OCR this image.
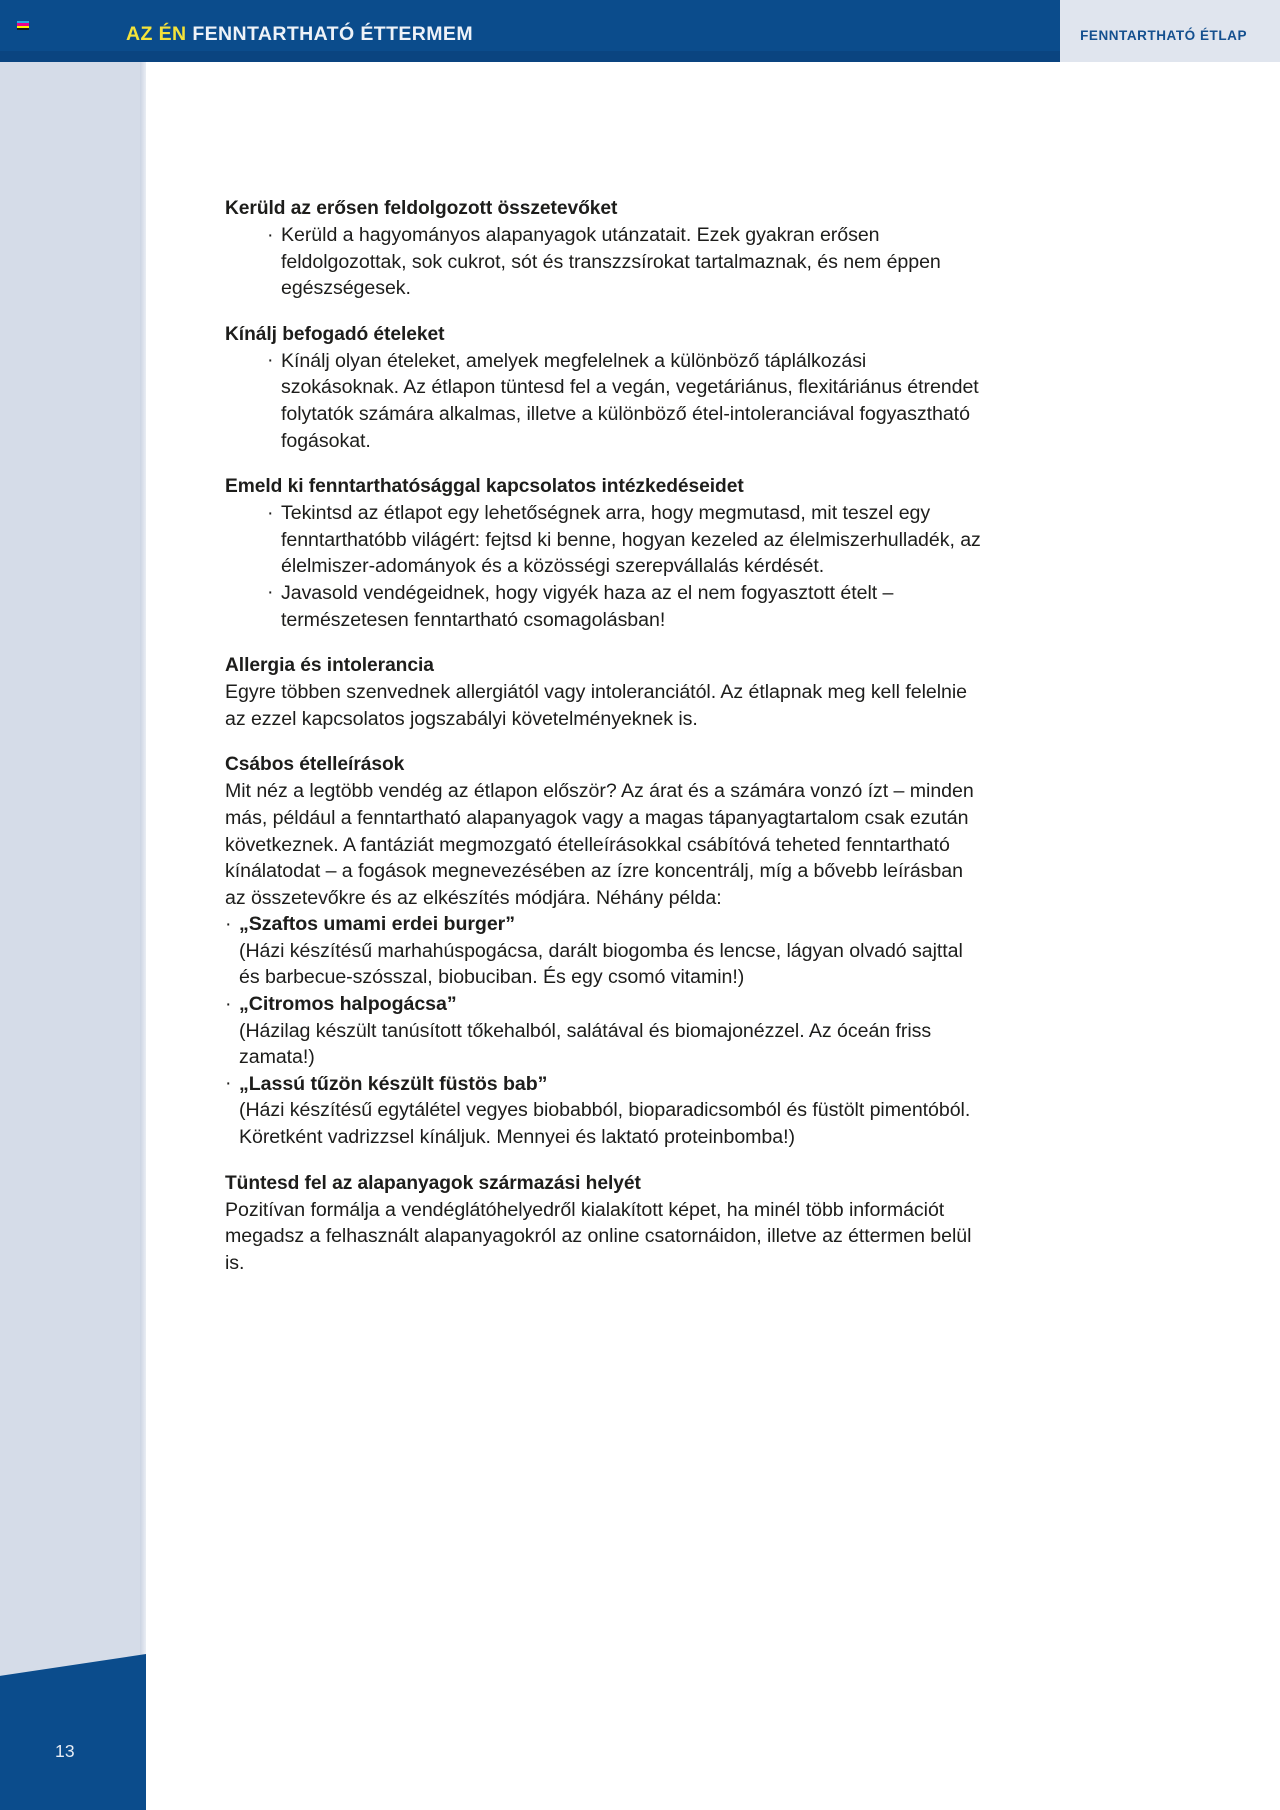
AZ ÉN FENNTARTHATÓ ÉTTERMEM	FENNTARTHATÓ ÉTLAP
Kerüld az erősen feldolgozott összetevőket
· Kerüld a hagyományos alapanyagok utánzatait. Ezek gyakran erősen feldolgozottak, sok cukrot, sót és transzzsírokat tartalmaznak, és nem éppen egészségesek.
Kínálj befogadó ételeket
· Kínálj olyan ételeket, amelyek megfelelnek a különböző táplálkozási szokásoknak. Az étlapon tüntesd fel a vegán, vegetáriánus, flexitáriánus étrendet folytatók számára alkalmas, illetve a különböző étel-intoleranciával fogyasztható fogásokat.
Emeld ki fenntarthatósággal kapcsolatos intézkedéseidet
· Tekintsd az étlapot egy lehetőségnek arra, hogy megmutasd, mit teszel egy fenntarthatóbb világért: fejtsd ki benne, hogyan kezeled az élelmiszerhulladék, az élelmiszer-adományok és a közösségi szerepvállalás kérdését.
· Javasold vendégeidnek, hogy vigyék haza az el nem fogyasztott ételt – természetesen fenntartható csomagolásban!
Allergia és intolerancia

Egyre többen szenvednek allergiától vagy intoleranciától. Az étlapnak meg kell felelnie az ezzel kapcsolatos jogszabályi követelményeknek is.

Csábos ételleírások

Mit néz a legtöbb vendég az étlapon először? Az árat és a számára vonzó ízt – minden más, például a fenntartható alapanyagok vagy a magas tápanyagtartalom csak ezután következnek. A fantáziát megmozgató ételleírásokkal csábítóvá teheted fenntartható kínálatodat – a fogások megnevezésében az ízre koncentrálj, míg a bővebb leírásban az összetevőkre és az elkészítés módjára. Néhány példa:

· „Szaftos umami erdei burger”
(Házi készítésű marhahúspogácsa, darált biogomba és lencse, lágyan olvadó sajttal és barbecue-szósszal, biobuciban. És egy csomó vitamin!)
· „Citromos halpogácsa”
(Házilag készült tanúsított tőkehalból, salátával és biomajonézzel. Az óceán friss zamata!)
· „Lassú tűzön készült füstös bab”
(Házi készítésű egytálétel vegyes biobabból, bioparadicsomból és füstölt pimentóból. Köretként vadrizzsel kínáljuk. Mennyei és laktató proteinbomba!)
Tüntesd fel az alapanyagok származási helyét

Pozitívan formálja a vendéglátóhelyedről kialakított képet, ha minél több információt megadsz a felhasznált alapanyagokról az online csatornáidon, illetve az éttermen belül is.

13
